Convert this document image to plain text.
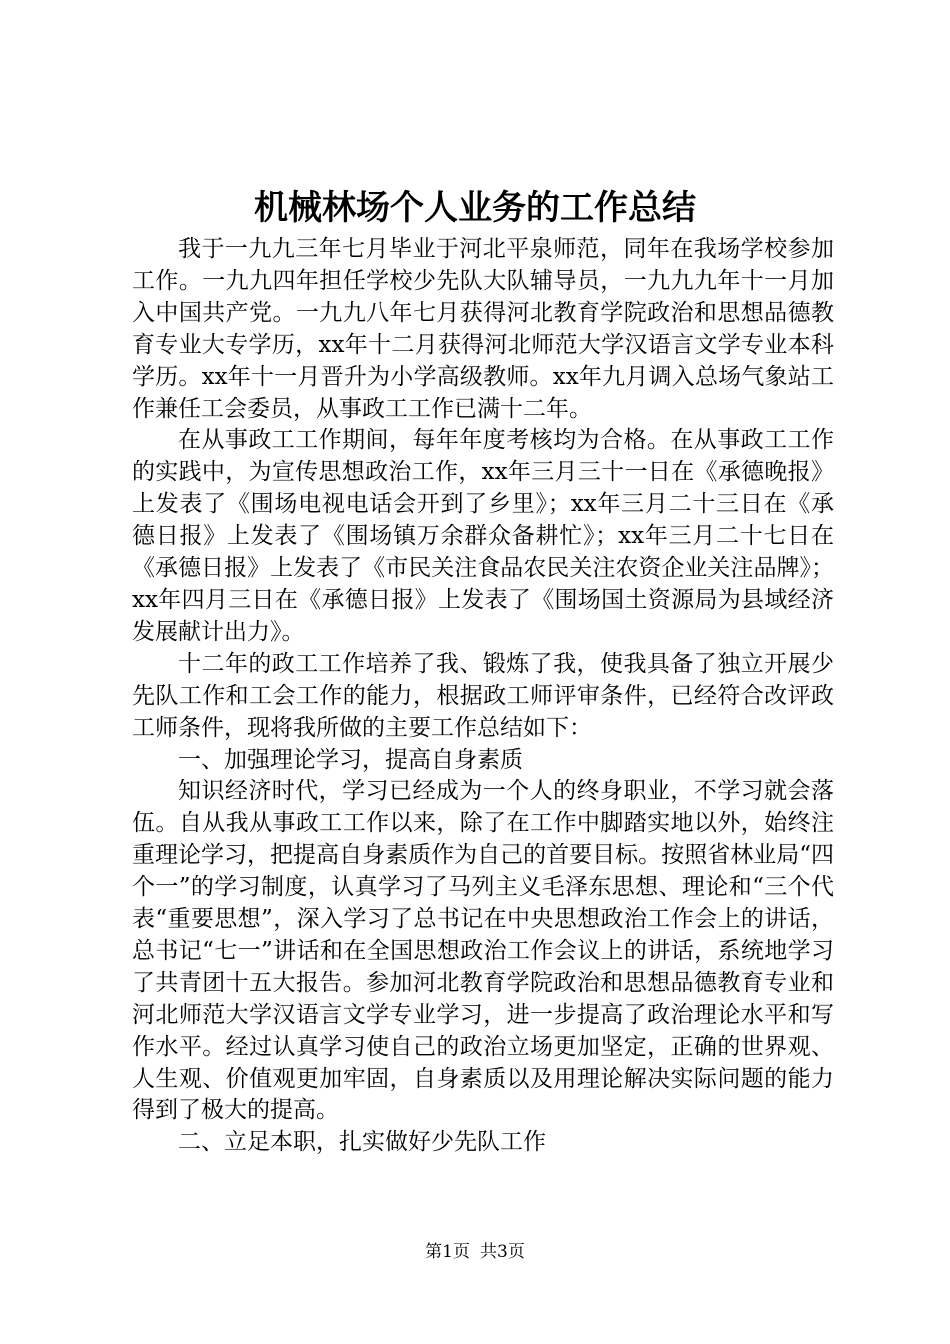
机械林场个人业务的工作总结

我于一九九三年七月毕业于河北平泉师范，同年在我场学校参加工作。一九九四年担任学校少先队大队辅导员，一九九九年十一月加入中国共产党。一九九八年七月获得河北教育学院政治和思想品德教育专业大专学历，xx年十二月获得河北师范大学汉语言文学专业本科学历。xx年十一月晋升为小学高级教师。xx年九月调入总场气象站工作兼任工会委员，从事政工工作已满十二年。

在从事政工工作期间，每年年度考核均为合格。在从事政工工作的实践中，为宣传思想政治工作，xx年三月三十一日在《承德晚报》上发表了《围场电视电话会开到了乡里》；xx年三月二十三日在《承德日报》上发表了《围场镇万余群众备耕忙》；xx年三月二十七日在《承德日报》上发表了《市民关注食品农民关注农资企业关注品牌》；xx年四月三日在《承德日报》上发表了《围场国土资源局为县域经济发展献计出力》。

十二年的政工工作培养了我、锻炼了我，使我具备了独立开展少先队工作和工会工作的能力，根据政工师评审条件，已经符合改评政工师条件，现将我所做的主要工作总结如下：

一、加强理论学习，提高自身素质

知识经济时代，学习已经成为一个人的终身职业，不学习就会落伍。自从我从事政工工作以来，除了在工作中脚踏实地以外，始终注重理论学习，把提高自身素质作为自己的首要目标。按照省林业局“四个一”的学习制度，认真学习了马列主义毛泽东思想、理论和“三个代表“重要思想”，深入学习了总书记在中央思想政治工作会上的讲话，总书记“七一”讲话和在全国思想政治工作会议上的讲话，系统地学习了共青团十五大报告。参加河北教育学院政治和思想品德教育专业和河北师范大学汉语言文学专业学习，进一步提高了政治理论水平和写作水平。经过认真学习使自己的政治立场更加坚定，正确的世界观、人生观、价值观更加牢固，自身素质以及用理论解决实际问题的能力得到了极大的提高。

二、立足本职，扎实做好少先队工作

第1页 共3页
